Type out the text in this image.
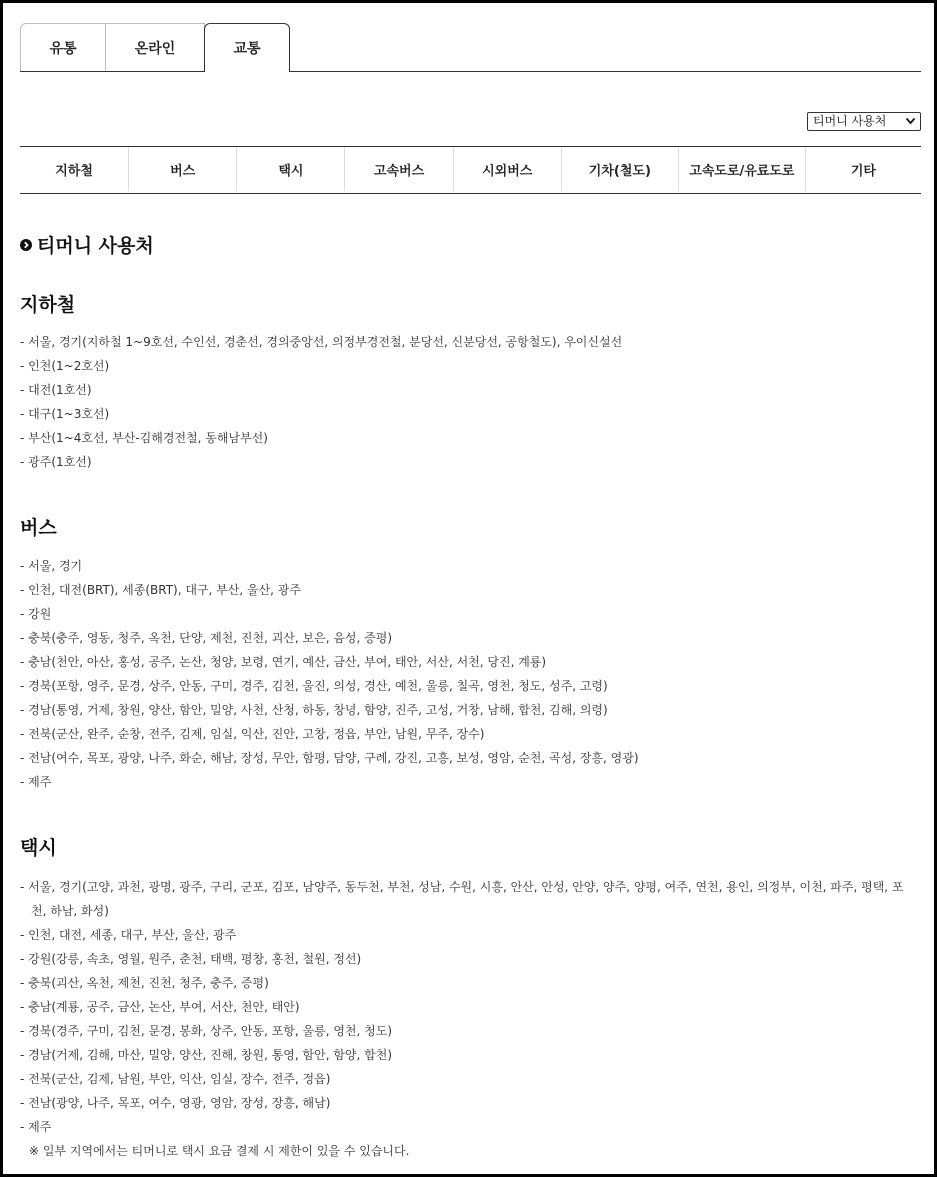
유통	온라인	교통
티머니 사용처
지하철	버스	택시	고속버스	시외버스	기차(철도)	고속도로/유료도로	기타
티머니 사용처
지하철
- 서울, 경기(지하철 1~9호선, 수인선, 경춘선, 경의중앙선, 의정부경전철, 분당선, 신분당선, 공항철도), 우이신설선
- 인천(1~2호선)
- 대전(1호선)
- 대구(1~3호선)
- 부산(1~4호선, 부산-김해경전철, 동해남부선)
- 광주(1호선)
버스
- 서울, 경기
- 인천, 대전(BRT), 세종(BRT), 대구, 부산, 울산, 광주
- 강원
- 충북(충주, 영동, 청주, 옥천, 단양, 제천, 진천, 괴산, 보은, 음성, 증평)
- 충남(천안, 아산, 홍성, 공주, 논산, 청양, 보령, 연기, 예산, 금산, 부여, 태안, 서산, 서천, 당진, 계룡)
- 경북(포항, 영주, 문경, 상주, 안동, 구미, 경주, 김천, 울진, 의성, 경산, 예천, 울릉, 칠곡, 영천, 청도, 성주, 고령)
- 경남(통영, 거제, 창원, 양산, 함안, 밀양, 사천, 산청, 하동, 창녕, 함양, 진주, 고성, 거창, 남해, 합천, 김해, 의령)
- 전북(군산, 완주, 순창, 전주, 김제, 임실, 익산, 진안, 고창, 정읍, 부안, 남원, 무주, 장수)
- 전남(여수, 목포, 광양, 나주, 화순, 해남, 장성, 무안, 함평, 담양, 구례, 강진, 고흥, 보성, 영암, 순천, 곡성, 장흥, 영광)
- 제주
택시
- 서울, 경기(고양, 과천, 광명, 광주, 구리, 군포, 김포, 남양주, 동두천, 부천, 성남, 수원, 시흥, 안산, 안성, 안양, 양주, 양평, 여주, 연천, 용인, 의정부, 이천, 파주, 평택, 포천, 하남, 화성)
- 인천, 대전, 세종, 대구, 부산, 울산, 광주
- 강원(강릉, 속초, 영월, 원주, 춘천, 태백, 평창, 홍천, 철원, 정선)
- 충북(괴산, 옥천, 제천, 진천, 청주, 충주, 증평)
- 충남(계룡, 공주, 금산, 논산, 부여, 서산, 천안, 태안)
- 경북(경주, 구미, 김천, 문경, 봉화, 상주, 안동, 포항, 울릉, 영천, 청도)
- 경남(거제, 김해, 마산, 밀양, 양산, 진해, 창원, 통영, 함안, 함양, 합천)
- 전북(군산, 김제, 남원, 부안, 익산, 임실, 장수, 전주, 정읍)
- 전남(광양, 나주, 목포, 여수, 영광, 영암, 장성, 장흥, 해남)
- 제주
※ 일부 지역에서는 티머니로 택시 요금 결제 시 제한이 있을 수 있습니다.
